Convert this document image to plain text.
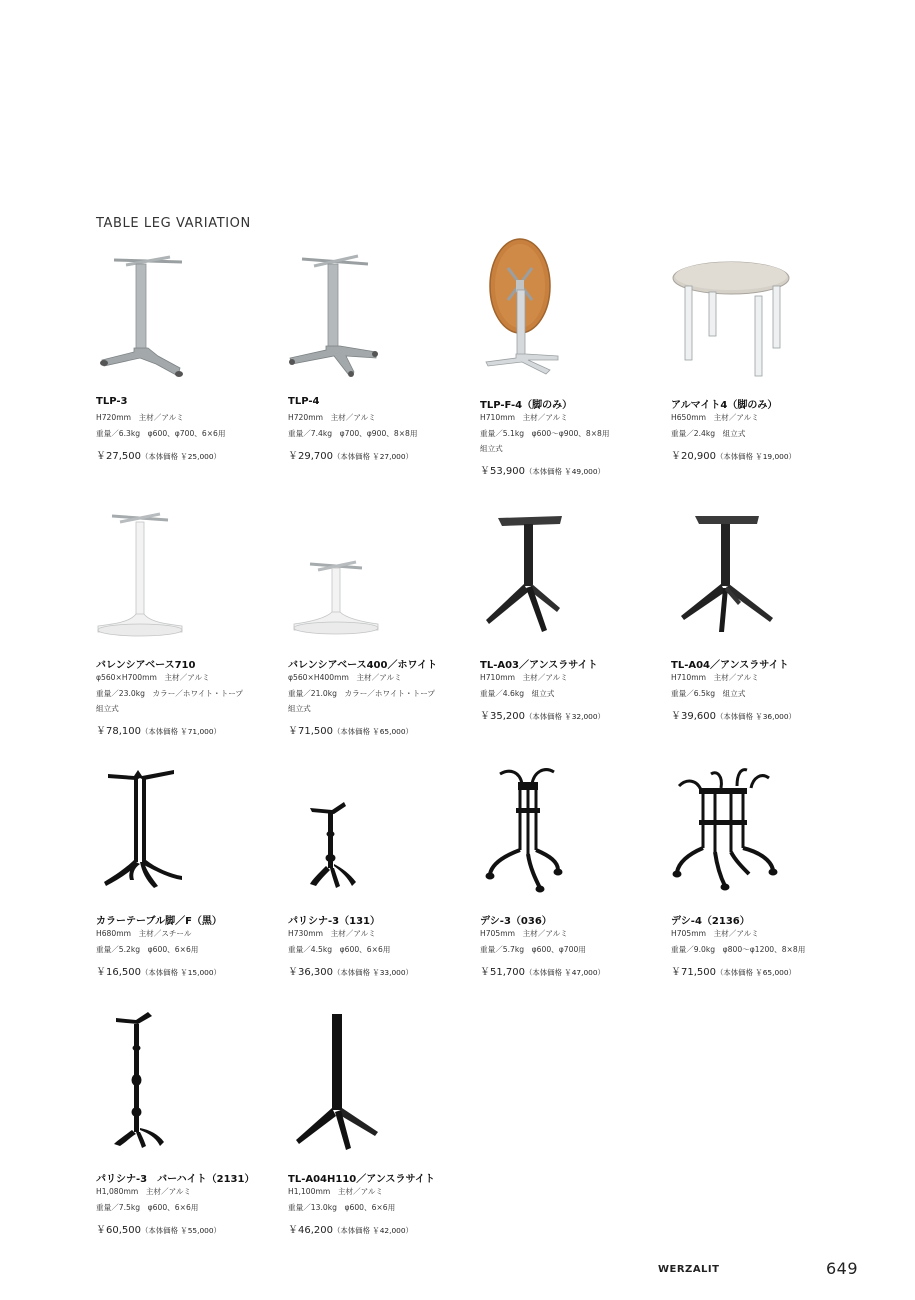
TABLE LEG VARIATION
TLP-3
H720mm　主材／アルミ
重量／6.3kg　φ600、φ700、6×6用
￥27,500（本体価格 ￥25,000）
TLP-4
H720mm　主材／アルミ
重量／7.4kg　φ700、φ900、8×8用
￥29,700（本体価格 ￥27,000）
TLP-F-4（脚のみ）
H710mm　主材／アルミ
重量／5.1kg　φ600〜φ900、8×8用
組立式
￥53,900（本体価格 ￥49,000）
アルマイト4（脚のみ）
H650mm　主材／アルミ
重量／2.4kg　組立式
￥20,900（本体価格 ￥19,000）
バレンシアベース710
φ560×H700mm　主材／アルミ
重量／23.0kg　カラー／ホワイト・トープ
組立式
￥78,100（本体価格 ￥71,000）
バレンシアベース400／ホワイト
φ560×H400mm　主材／アルミ
重量／21.0kg　カラー／ホワイト・トープ
組立式
￥71,500（本体価格 ￥65,000）
TL-A03／アンスラサイト
H710mm　主材／アルミ
重量／4.6kg　組立式
￥35,200（本体価格 ￥32,000）
TL-A04／アンスラサイト
H710mm　主材／アルミ
重量／6.5kg　組立式
￥39,600（本体価格 ￥36,000）
カラーテーブル脚／F（黒）
H680mm　主材／スチール
重量／5.2kg　φ600、6×6用
￥16,500（本体価格 ￥15,000）
パリシナ-3（131）
H730mm　主材／アルミ
重量／4.5kg　φ600、6×6用
￥36,300（本体価格 ￥33,000）
デシ-3（036）
H705mm　主材／アルミ
重量／5.7kg　φ600、φ700用
￥51,700（本体価格 ￥47,000）
デシ-4（2136）
H705mm　主材／アルミ
重量／9.0kg　φ800〜φ1200、8×8用
￥71,500（本体価格 ￥65,000）
パリシナ-3　バーハイト（2131）
H1,080mm　主材／アルミ
重量／7.5kg　φ600、6×6用
￥60,500（本体価格 ￥55,000）
TL-A04H110／アンスラサイト
H1,100mm　主材／アルミ
重量／13.0kg　φ600、6×6用
￥46,200（本体価格 ￥42,000）
WERZALIT	649
